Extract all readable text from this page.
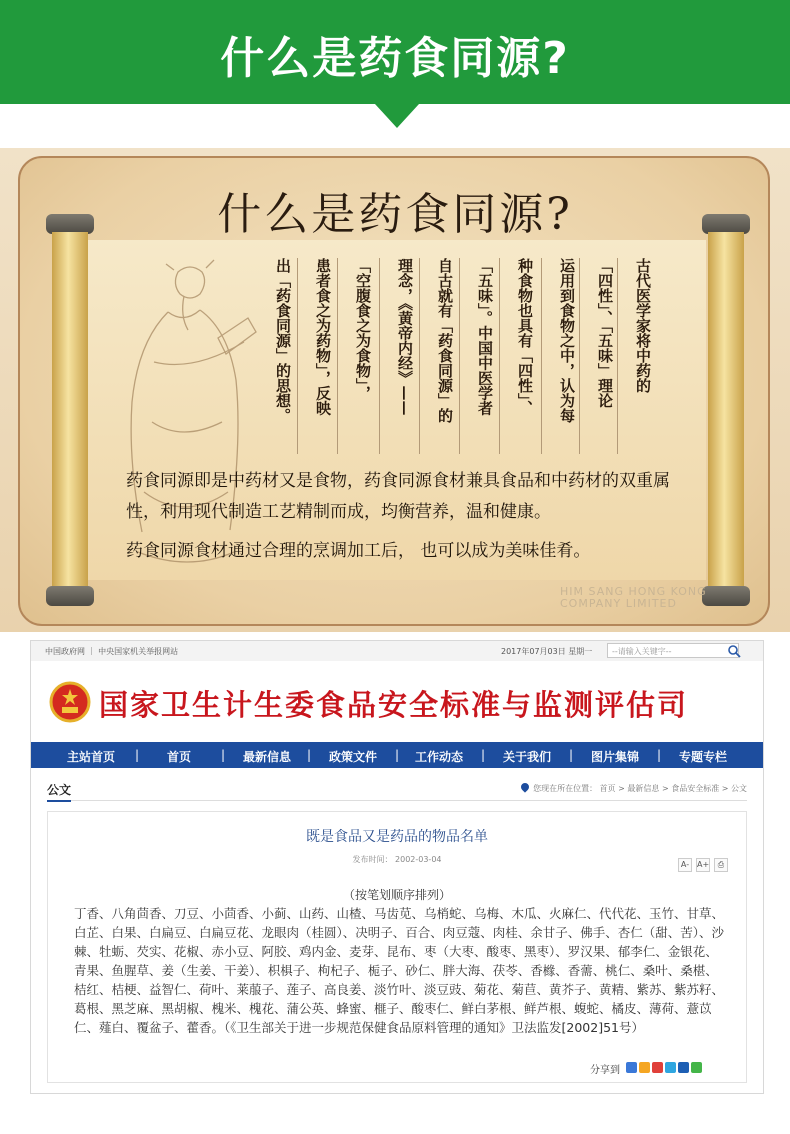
什么是药食同源?
什么是药食同源?
古代医学家将中药的
「四性」、「五味」理论
运用到食物之中，认为每
种食物也具有「四性」、
「五味」。中国中医学者
自古就有「药食同源」的
理念，《黄帝内经》——
「空腹食之为食物」，
患者食之为药物」，反映
出「药食同源」的思想。
药食同源即是中药材又是食物，药食同源食材兼具食品和中药材的双重属性，利用现代制造工艺精制而成，均衡营养，温和健康。
药食同源食材通过合理的烹调加工后， 也可以成为美味佳肴。
HIM SANG HONG KONG COMPANY LIMITED
中国政府网 ｜ 中央国家机关举报网站	2017年07月03日 星期一	--请输入关键字--
国家卫生计生委食品安全标准与监测评估司
主站首页 | 首页 | 最新信息 | 政策文件 | 工作动态 | 关于我们 | 图片集锦 | 专题专栏
公文	您现在所在位置： 首页 > 最新信息 > 食品安全标准 > 公文
既是食品又是药品的物品名单
发布时间： 2002-03-04
A- A+ ⎙
（按笔划顺序排列）
丁香、八角茴香、刀豆、小茴香、小蓟、山药、山楂、马齿苋、乌梢蛇、乌梅、木瓜、火麻仁、代代花、玉竹、甘草、白芷、白果、白扁豆、白扁豆花、龙眼肉（桂圆）、决明子、百合、肉豆蔻、肉桂、余甘子、佛手、杏仁（甜、苦）、沙棘、牡蛎、芡实、花椒、赤小豆、阿胶、鸡内金、麦芽、昆布、枣（大枣、酸枣、黑枣）、罗汉果、郁李仁、金银花、青果、鱼腥草、姜（生姜、干姜）、枳椇子、枸杞子、栀子、砂仁、胖大海、茯苓、香橼、香薷、桃仁、桑叶、桑椹、桔红、桔梗、益智仁、荷叶、莱菔子、莲子、高良姜、淡竹叶、淡豆豉、菊花、菊苣、黄芥子、黄精、紫苏、紫苏籽、葛根、黑芝麻、黑胡椒、槐米、槐花、蒲公英、蜂蜜、榧子、酸枣仁、鲜白茅根、鲜芦根、蝮蛇、橘皮、薄荷、薏苡仁、薤白、覆盆子、藿香。（《卫生部关于进一步规范保健食品原料管理的通知》卫法监发[2002]51号）
分享到
